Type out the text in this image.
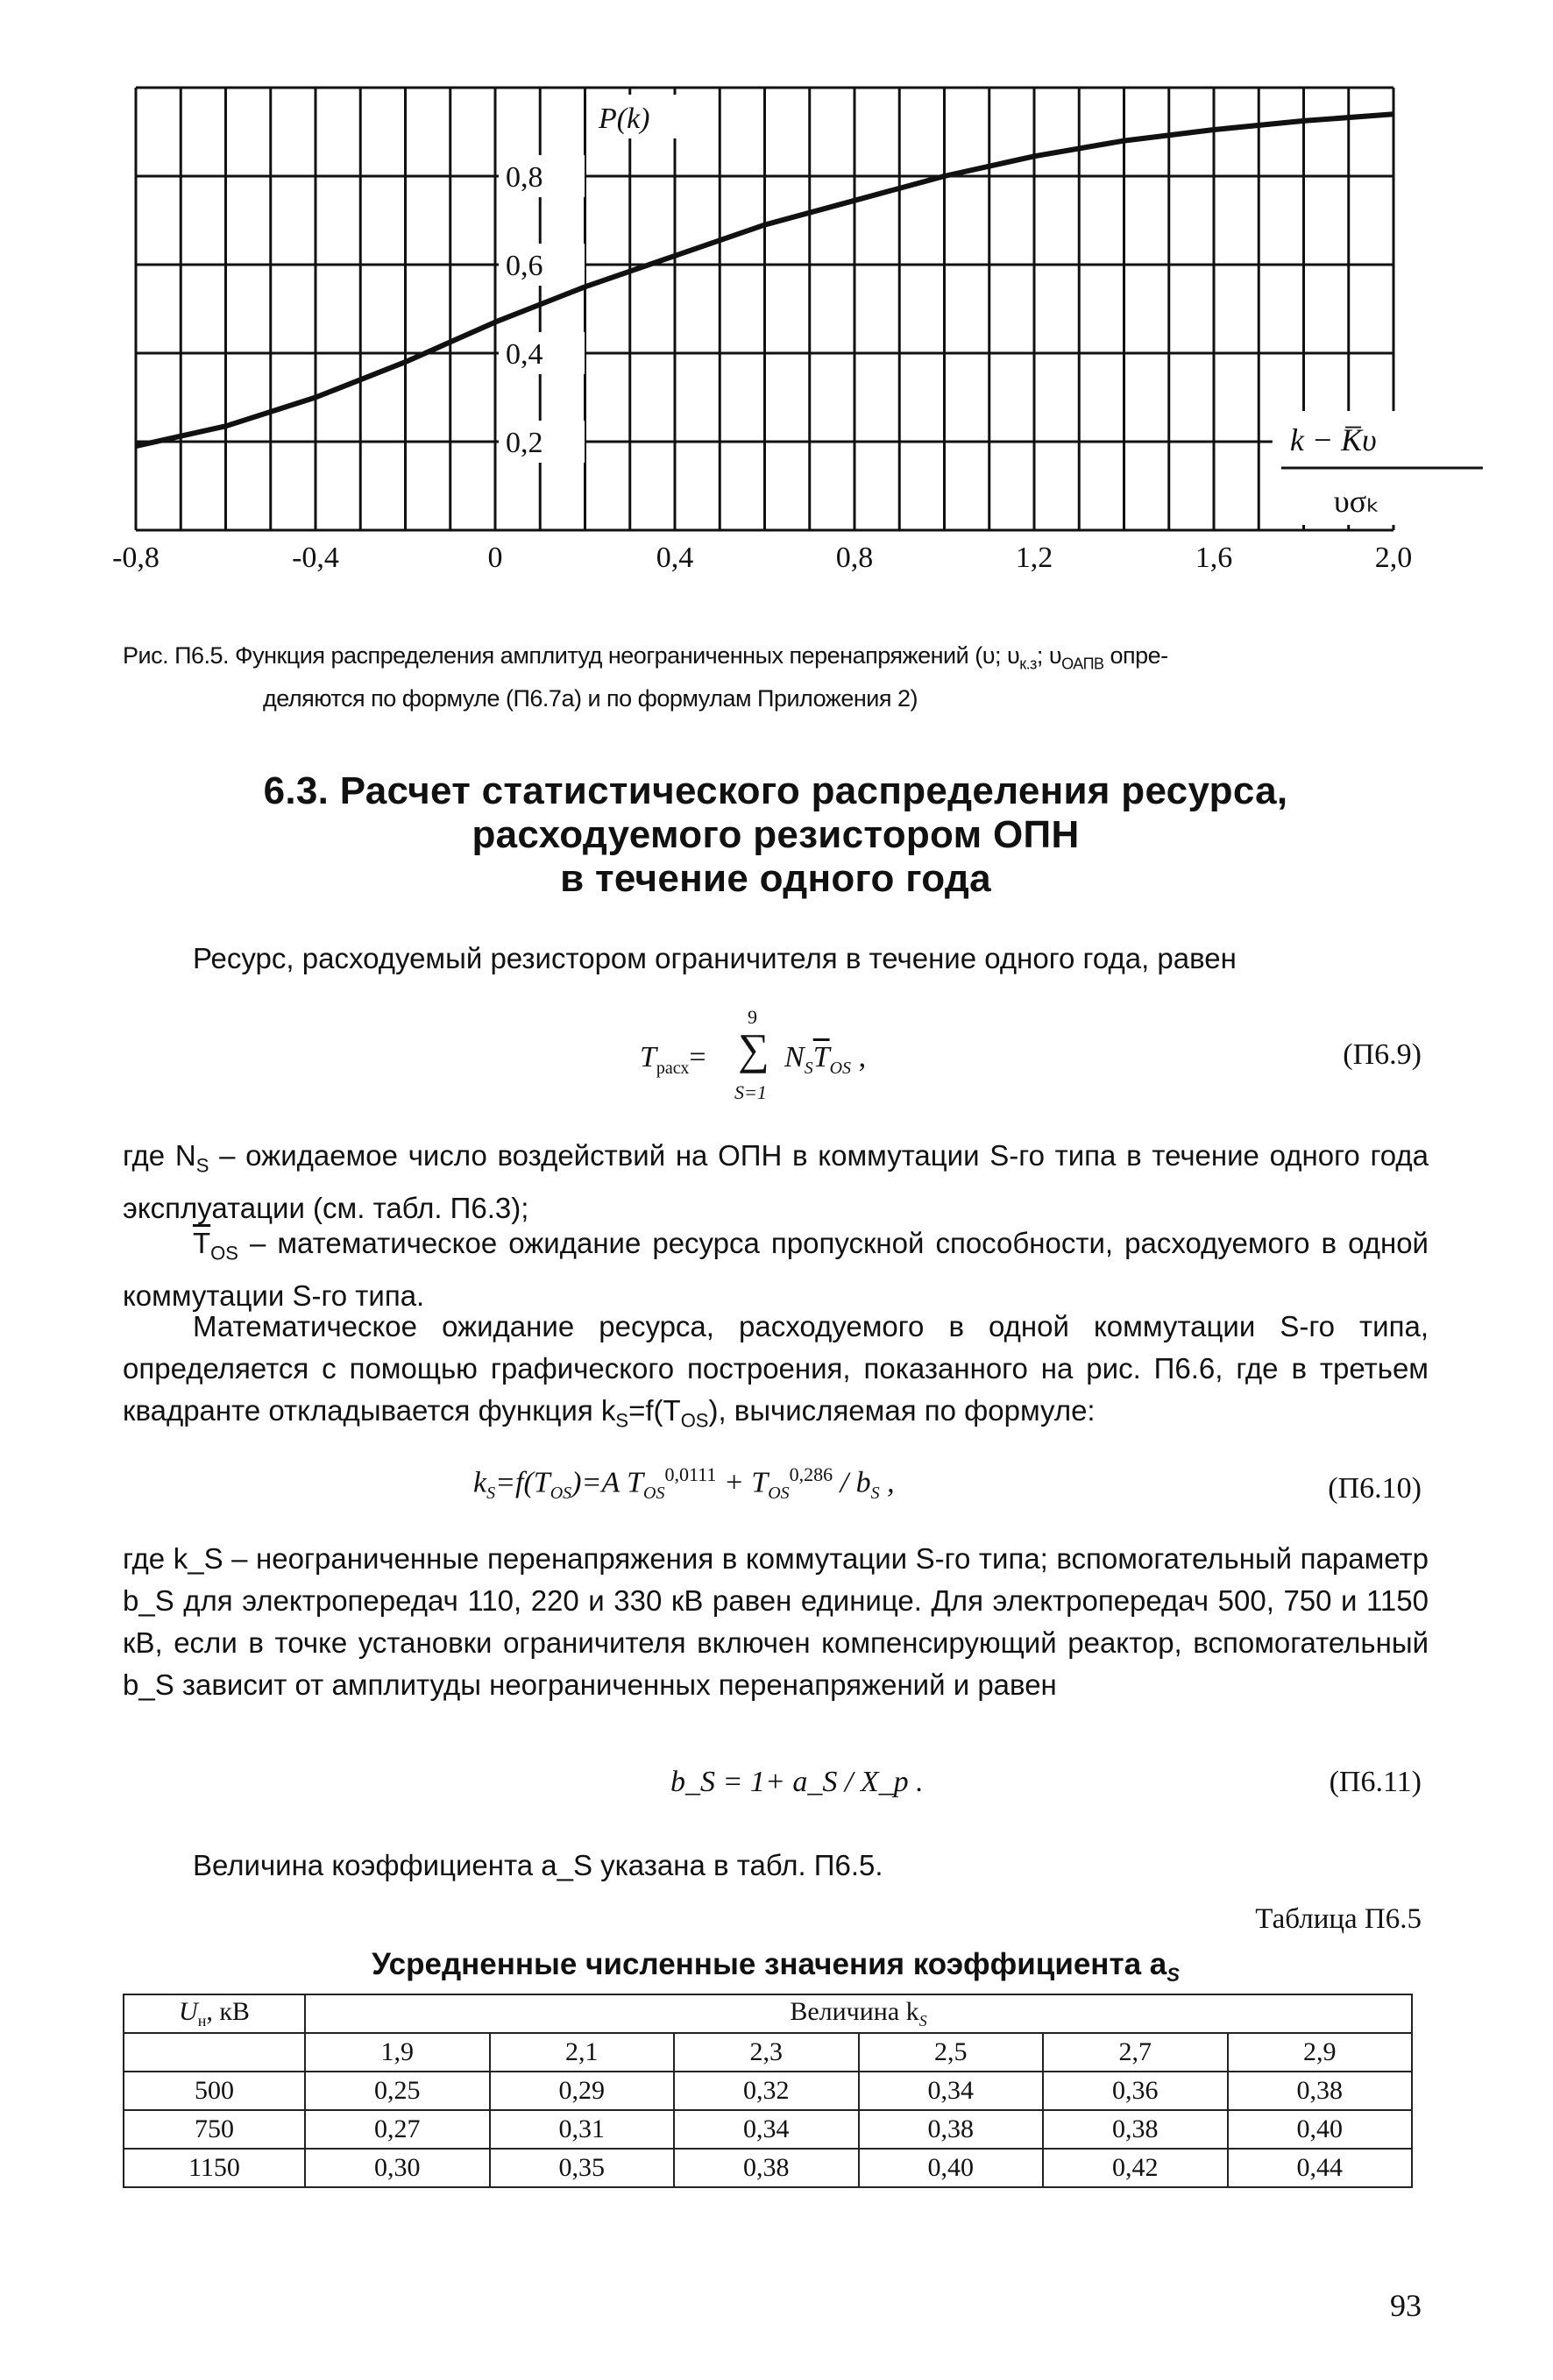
0,2
0,4
0,6
0,8
P(k)
k − K̅υ
υσₖ
-0,8	-0,4	0	0,4	0,8	1,2	1,6	2,0
Рис. П6.5. Функция распределения амплитуд неограниченных перенапряжений (υ; $\upsilon_{к.з}$; $\upsilon_{ОАПВ}$ опре-
деляются по формуле (П6.7а) и по формулам Приложения 2)
6.3. Расчет статистического распределения ресурса,
расходуемого резистором ОПН
в течение одного года
Ресурс, расходуемый резистором ограничителя в течение одного года, равен
$T_{расх}=$
9
∑
S=1
$N_S\overline{T}_{OS}$ ,	(П6.9)
где $N_S$ – ожидаемое число воздействий на ОПН в коммутации S-го типа в течение одного года эксплуатации (см. табл. П6.3);
$\overline{T}_{OS}$ – математическое ожидание ресурса пропускной способности, расходуемого в одной коммутации S-го типа.
Математическое ожидание ресурса, расходуемого в одной коммутации S-го типа, определяется с помощью графического построения, показанного на рис. П6.6, где в третьем квадранте откладывается функция $k_S=f(T_{OS})$, вычисляемая по формуле:
$k_S=f(T_{OS})=A$ $T_{OS}^{0,0111} + T_{OS}^{0,286} / b_S$ ,	(П6.10)
где k_S – неограниченные перенапряжения в коммутации S-го типа; вспомогательный параметр b_S для электропередач 110, 220 и 330 кВ равен единице. Для электропередач 500, 750 и 1150 кВ, если в точке установки ограничителя включен компенсирующий реактор, вспомогательный b_S зависит от амплитуды неограниченных перенапряжений и равен
b_S = 1+ a_S / X_р .	(П6.11)
Величина коэффициента a_S указана в табл. П6.5.
Таблица П6.5
Усредненные численные значения коэффициента $a_S$
$U_н$, кВ	Величина $k_S$
	1,9	2,1	2,3	2,5	2,7	2,9
500	0,25	0,29	0,32	0,34	0,36	0,38
750	0,27	0,31	0,34	0,38	0,38	0,40
1150	0,30	0,35	0,38	0,40	0,42	0,44
93
